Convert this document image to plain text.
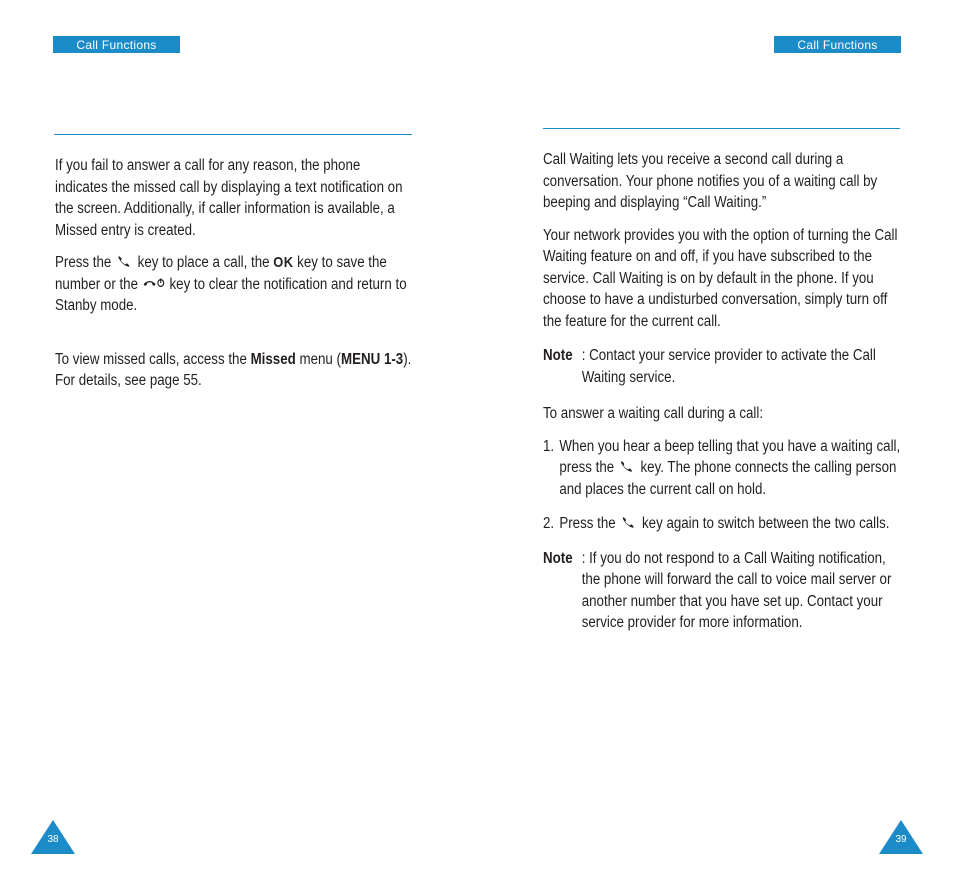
Call Functions

If you fail to answer a call for any reason, the phone indicates the missed call by displaying a text notification on the screen. Additionally, if caller information is available, a Missed entry is created.

Press the key to place a call, the OK key to save the number or the key to clear the notification and return to Stanby mode.

To view missed calls, access the Missed menu (MENU 1-3). For details, see page 55.

38
Call Functions

Call Waiting lets you receive a second call during a conversation. Your phone notifies you of a waiting call by beeping and displaying “Call Waiting.”

Your network provides you with the option of turning the Call Waiting feature on and off, if you have subscribed to the service. Call Waiting is on by default in the phone. If you choose to have a undisturbed conversation, simply turn off the feature for the current call.

Note : Contact your service provider to activate the Call Waiting service.

To answer a waiting call during a call:

1. When you hear a beep telling that you have a waiting call, press the key. The phone connects the calling person and places the current call on hold.
2. Press the key again to switch between the two calls.
Note : If you do not respond to a Call Waiting notification, the phone will forward the call to voice mail server or another number that you have set up. Contact your service provider for more information.
39
